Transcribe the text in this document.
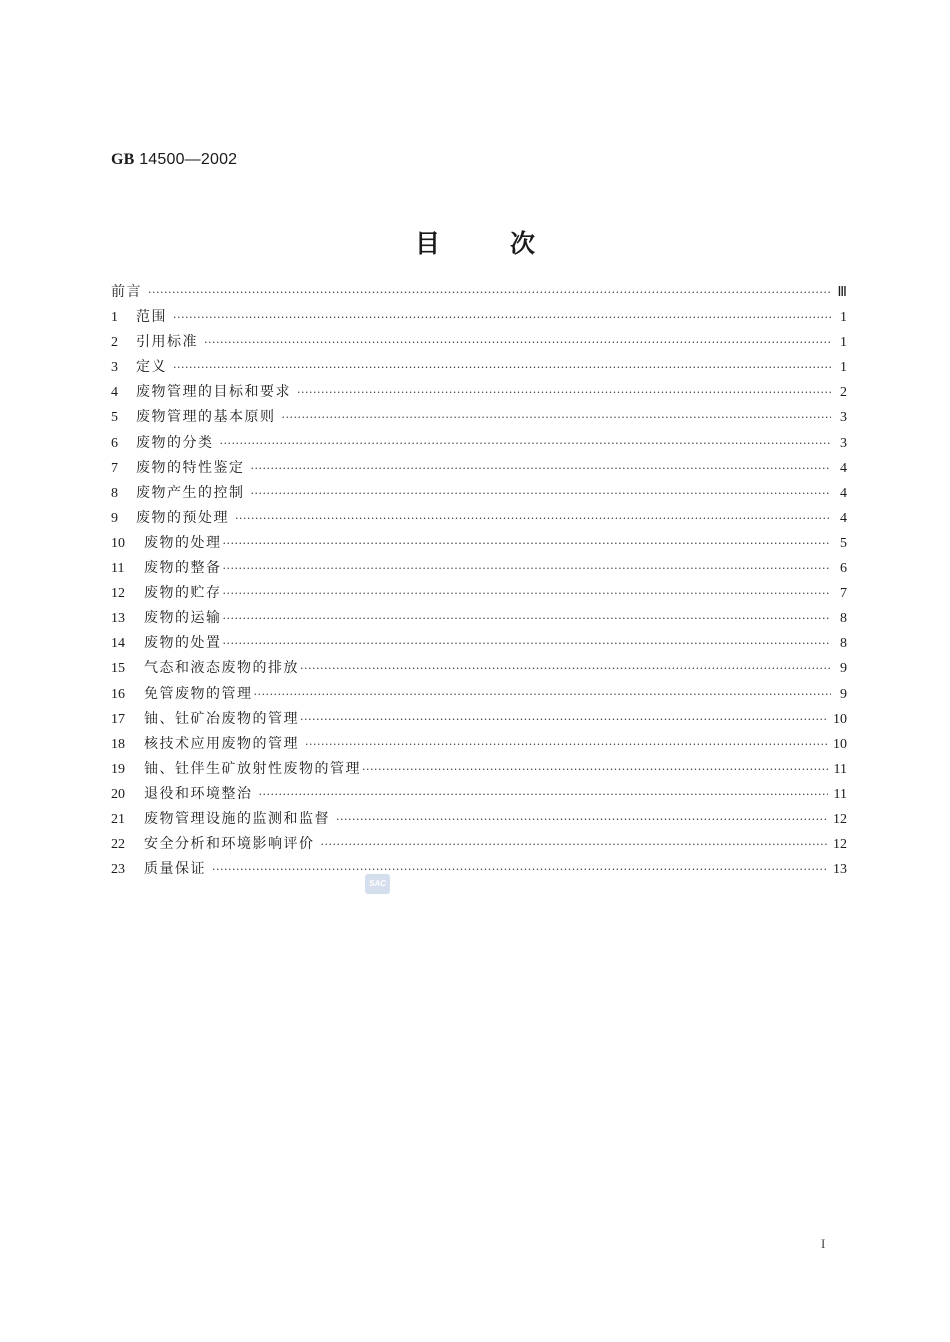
GB 14500—2002
目次
前言 ·····	Ⅲ
1	范围 ·····	1
2	引用标准 ·····	1
3	定义 ·····	1
4	废物管理的目标和要求 ·····	2
5	废物管理的基本原则 ·····	3
6	废物的分类 ·····	3
7	废物的特性鉴定 ·····	4
8	废物产生的控制 ·····	4
9	废物的预处理 ·····	4
10	废物的处理 ·····	5
11	废物的整备 ·····	6
12	废物的贮存 ·····	7
13	废物的运输 ·····	8
14	废物的处置 ·····	8
15	气态和液态废物的排放 ·····	9
16	免管废物的管理 ·····	9
17	铀、钍矿冶废物的管理 ·····	10
18	核技术应用废物的管理 ·····	10
19	铀、钍伴生矿放射性废物的管理 ·····	11
20	退役和环境整治 ·····	11
21	废物管理设施的监测和监督 ·····	12
22	安全分析和环境影响评价 ·····	12
23	质量保证 ·····	13
SAC
I
